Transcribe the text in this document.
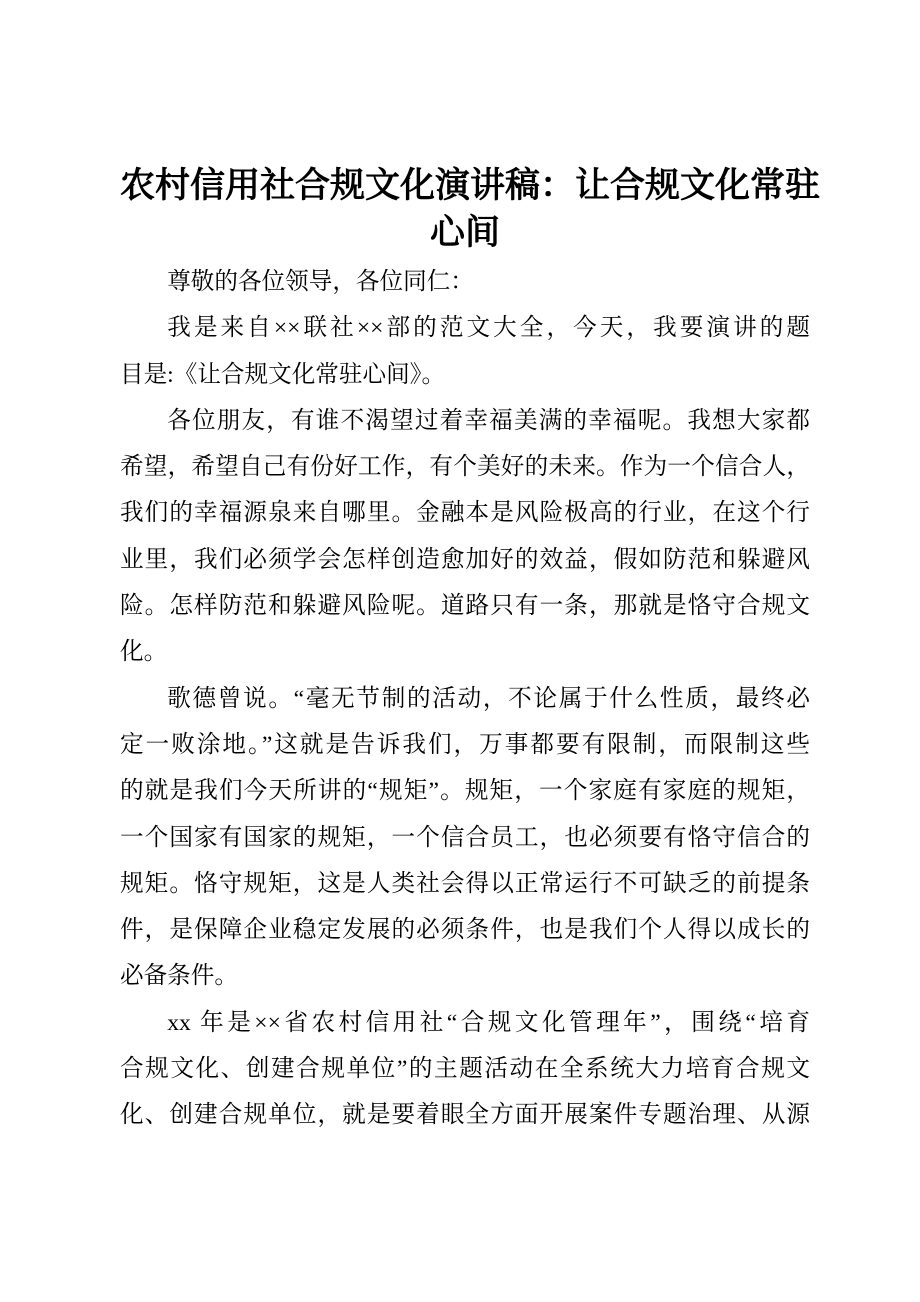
农村信用社合规文化演讲稿：让合规文化常驻
心间

尊敬的各位领导，各位同仁：

我是来自××联社××部的范文大全，今天，我要演讲的题
目是:《让合规文化常驻心间》。

各位朋友，有谁不渴望过着幸福美满的幸福呢。我想大家都
希望，希望自己有份好工作，有个美好的未来。作为一个信合人，
我们的幸福源泉来自哪里。金融本是风险极高的行业，在这个行
业里，我们必须学会怎样创造愈加好的效益，假如防范和躲避风
险。怎样防范和躲避风险呢。道路只有一条，那就是恪守合规文
化。

歌德曾说。“毫无节制的活动，不论属于什么性质，最终必
定一败涂地。”这就是告诉我们，万事都要有限制，而限制这些
的就是我们今天所讲的“规矩”。规矩，一个家庭有家庭的规矩，
一个国家有国家的规矩，一个信合员工，也必须要有恪守信合的
规矩。恪守规矩，这是人类社会得以正常运行不可缺乏的前提条
件，是保障企业稳定发展的必须条件，也是我们个人得以成长的
必备条件。

xx 年是××省农村信用社“合规文化管理年”，围绕“培育
合规文化、创建合规单位”的主题活动在全系统大力培育合规文
化、创建合规单位，就是要着眼全方面开展案件专题治理、从源
